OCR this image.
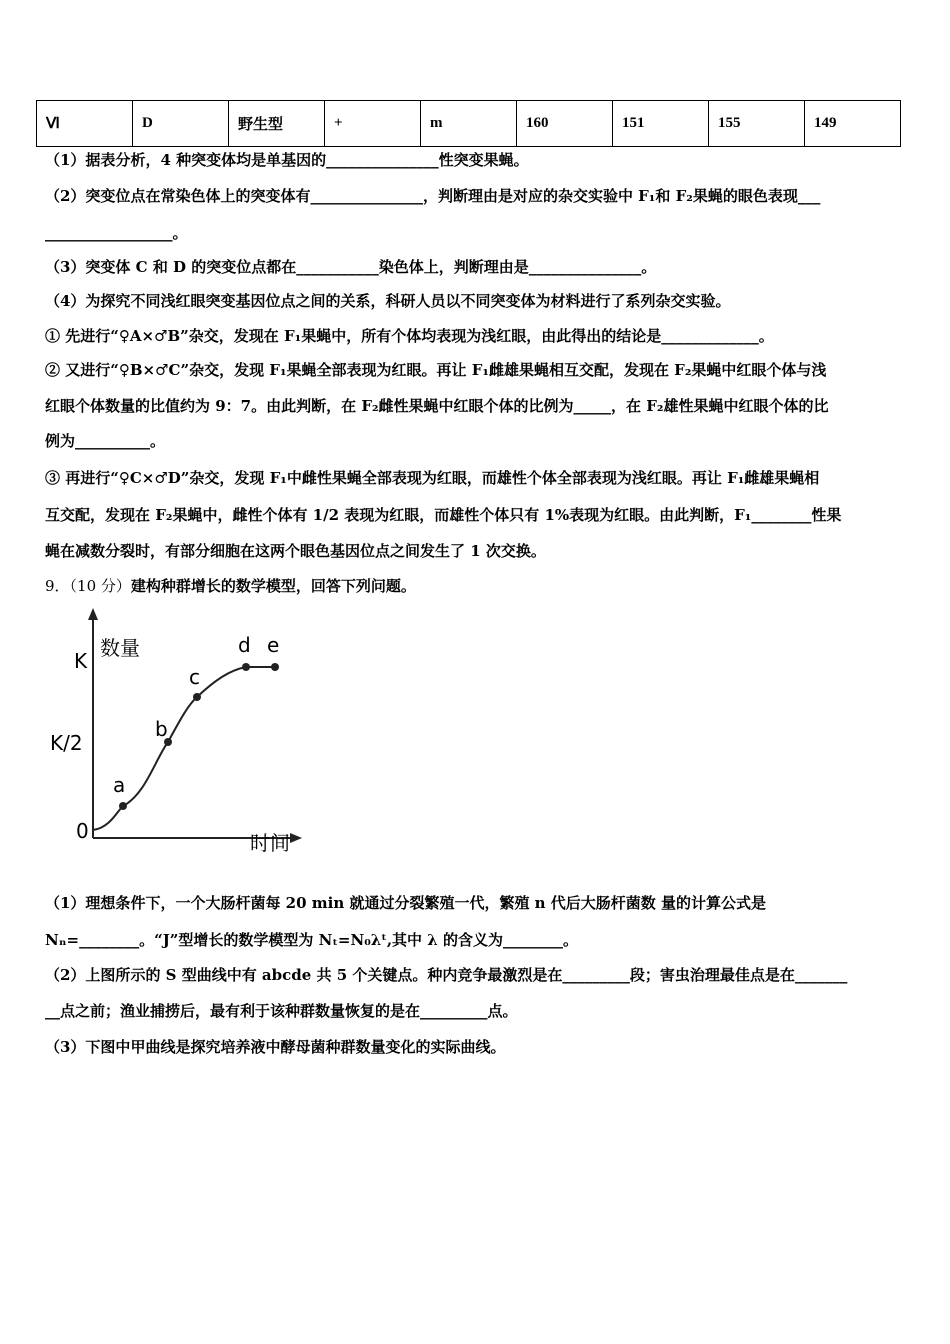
Ⅵ	D	野生型	+	m	160	151	155	149
（1）据表分析，4 种突变体均是单基因的_______________性突变果蝇。
（2）突变位点在常染色体上的突变体有_______________，判断理由是对应的杂交实验中 F₁和 F₂果蝇的眼色表现___
_________________。
（3）突变体 C 和 D 的突变位点都在___________染色体上，判断理由是_______________。
（4）为探究不同浅红眼突变基因位点之间的关系，科研人员以不同突变体为材料进行了系列杂交实验。
① 先进行“♀A×♂B”杂交，发现在 F₁果蝇中，所有个体均表现为浅红眼，由此得出的结论是_____________。
② 又进行“♀B×♂C”杂交，发现 F₁果蝇全部表现为红眼。再让 F₁雌雄果蝇相互交配，发现在 F₂果蝇中红眼个体与浅
红眼个体数量的比值约为 9：7。由此判断，在 F₂雌性果蝇中红眼个体的比例为_____，在 F₂雄性果蝇中红眼个体的比
例为__________。
③ 再进行“♀C×♂D”杂交，发现 F₁中雌性果蝇全部表现为红眼，而雄性个体全部表现为浅红眼。再让 F₁雌雄果蝇相
互交配，发现在 F₂果蝇中，雌性个体有 1/2 表现为红眼，而雄性个体只有 1%表现为红眼。由此判断，F₁________性果
蝇在减数分裂时，有部分细胞在这两个眼色基因位点之间发生了 1 次交换。
9．（10 分）建构种群增长的数学模型，回答下列问题。
数量
时间
K
K/2
0
a
b
c
d e
（1）理想条件下，一个大肠杆菌每 20 min 就通过分裂繁殖一代，繁殖 n 代后大肠杆菌数 量的计算公式是
Nₙ=________。“J”型增长的数学模型为 Nₜ=N₀λᵗ,其中 λ 的含义为________。
（2）上图所示的 S 型曲线中有 abcde 共 5 个关键点。种内竞争最激烈是在_________段；害虫治理最佳点是在_______
__点之前；渔业捕捞后，最有利于该种群数量恢复的是在_________点。
（3）下图中甲曲线是探究培养液中酵母菌种群数量变化的实际曲线。
